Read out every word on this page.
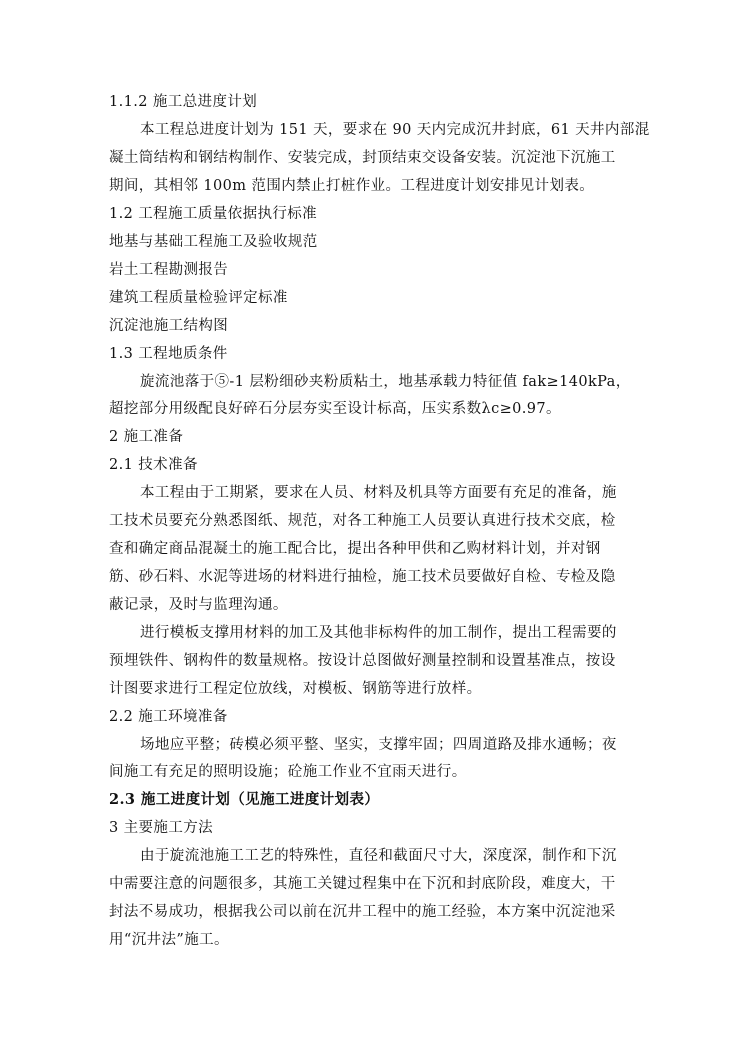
1.1.2 施工总进度计划
本工程总进度计划为 151 天，要求在 90 天内完成沉井封底，61 天井内部混
凝土筒结构和钢结构制作、安装完成，封顶结束交设备安装。沉淀池下沉施工
期间，其相邻 100m 范围内禁止打桩作业。工程进度计划安排见计划表。
1.2 工程施工质量依据执行标准
地基与基础工程施工及验收规范
岩土工程勘测报告
建筑工程质量检验评定标准
沉淀池施工结构图
1.3 工程地质条件
旋流池落于⑤-1 层粉细砂夹粉质粘土，地基承载力特征值 fak≥140kPa，
超挖部分用级配良好碎石分层夯实至设计标高，压实系数λc≥0.97。
2 施工准备
2.1 技术准备
本工程由于工期紧，要求在人员、材料及机具等方面要有充足的准备，施
工技术员要充分熟悉图纸、规范，对各工种施工人员要认真进行技术交底，检
查和确定商品混凝土的施工配合比，提出各种甲供和乙购材料计划，并对钢
筋、砂石料、水泥等进场的材料进行抽检，施工技术员要做好自检、专检及隐
蔽记录，及时与监理沟通。
进行模板支撑用材料的加工及其他非标构件的加工制作，提出工程需要的
预埋铁件、钢构件的数量规格。按设计总图做好测量控制和设置基准点，按设
计图要求进行工程定位放线，对模板、钢筋等进行放样。
2.2 施工环境准备
场地应平整；砖模必须平整、坚实，支撑牢固；四周道路及排水通畅；夜
间施工有充足的照明设施；砼施工作业不宜雨天进行。
2.3 施工进度计划（见施工进度计划表）
3 主要施工方法
由于旋流池施工工艺的特殊性，直径和截面尺寸大，深度深，制作和下沉
中需要注意的问题很多，其施工关键过程集中在下沉和封底阶段，难度大，干
封法不易成功，根据我公司以前在沉井工程中的施工经验，本方案中沉淀池采
用“沉井法”施工。
